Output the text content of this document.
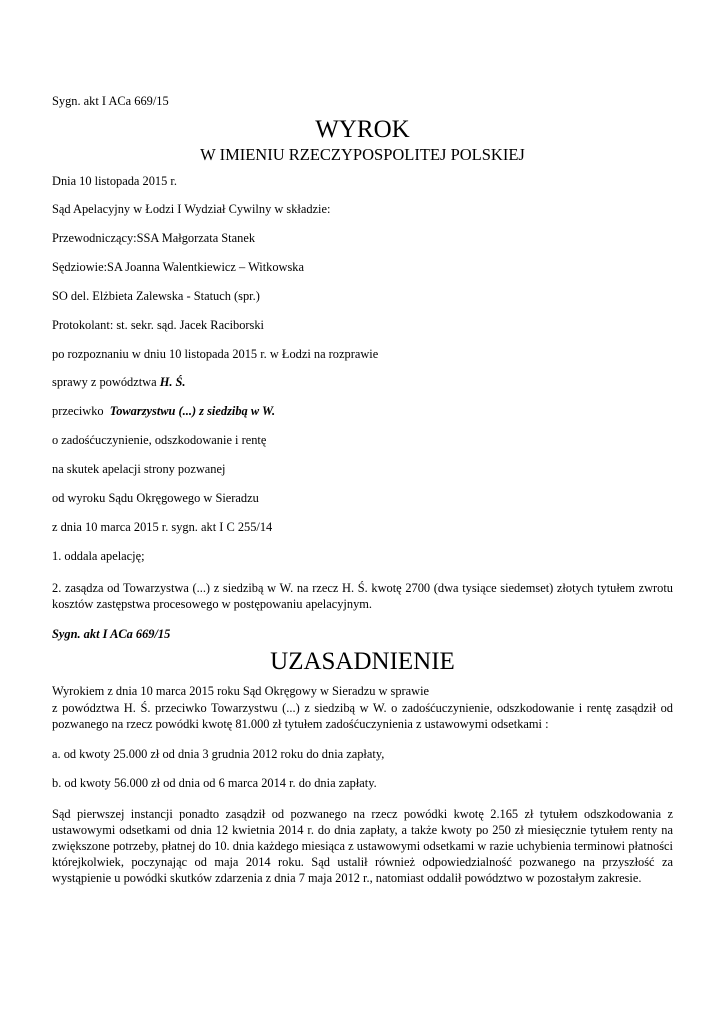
Sygn. akt I ACa 669/15
WYROK
W IMIENIU RZECZYPOSPOLITEJ POLSKIEJ
Dnia 10 listopada 2015 r.
Sąd Apelacyjny w Łodzi I Wydział Cywilny w składzie:
Przewodniczący:SSA Małgorzata Stanek
Sędziowie:SA Joanna Walentkiewicz – Witkowska
SO del. Elżbieta Zalewska - Statuch (spr.)
Protokolant: st. sekr. sąd. Jacek Raciborski
po rozpoznaniu w dniu 10 listopada 2015 r. w Łodzi na rozprawie
sprawy z powództwa H. Ś.
przeciwko  Towarzystwu (...) z siedzibą w W.
o zadośćuczynienie, odszkodowanie i rentę
na skutek apelacji strony pozwanej
od wyroku Sądu Okręgowego w Sieradzu
z dnia 10 marca 2015 r. sygn. akt I C 255/14
1. oddala apelację;
2. zasądza od Towarzystwa (...) z siedzibą w W. na rzecz H. Ś. kwotę 2700 (dwa tysiące siedemset) złotych tytułem zwrotu kosztów zastępstwa procesowego w postępowaniu apelacyjnym.
Sygn. akt I ACa 669/15
UZASADNIENIE
Wyrokiem z dnia 10 marca 2015 roku Sąd Okręgowy w Sieradzu w sprawie
z powództwa H. Ś. przeciwko Towarzystwu (...) z siedzibą w W. o zadośćuczynienie, odszkodowanie i rentę zasądził od pozwanego na rzecz powódki kwotę 81.000 zł tytułem zadośćuczynienia z ustawowymi odsetkami :
a. od kwoty 25.000 zł od dnia 3 grudnia 2012 roku do dnia zapłaty,
b. od kwoty 56.000 zł od dnia od 6 marca 2014 r. do dnia zapłaty.
Sąd pierwszej instancji ponadto zasądził od pozwanego na rzecz powódki kwotę 2.165 zł tytułem odszkodowania z ustawowymi odsetkami od dnia 12 kwietnia 2014 r. do dnia zapłaty, a także kwoty po 250 zł miesięcznie tytułem renty na zwiększone potrzeby, płatnej do 10. dnia każdego miesiąca z ustawowymi odsetkami w razie uchybienia terminowi płatności którejkolwiek, poczynając od maja 2014 roku. Sąd ustalił również odpowiedzialność pozwanego na przyszłość za wystąpienie u powódki skutków zdarzenia z dnia 7 maja 2012 r., natomiast oddalił powództwo w pozostałym zakresie.
